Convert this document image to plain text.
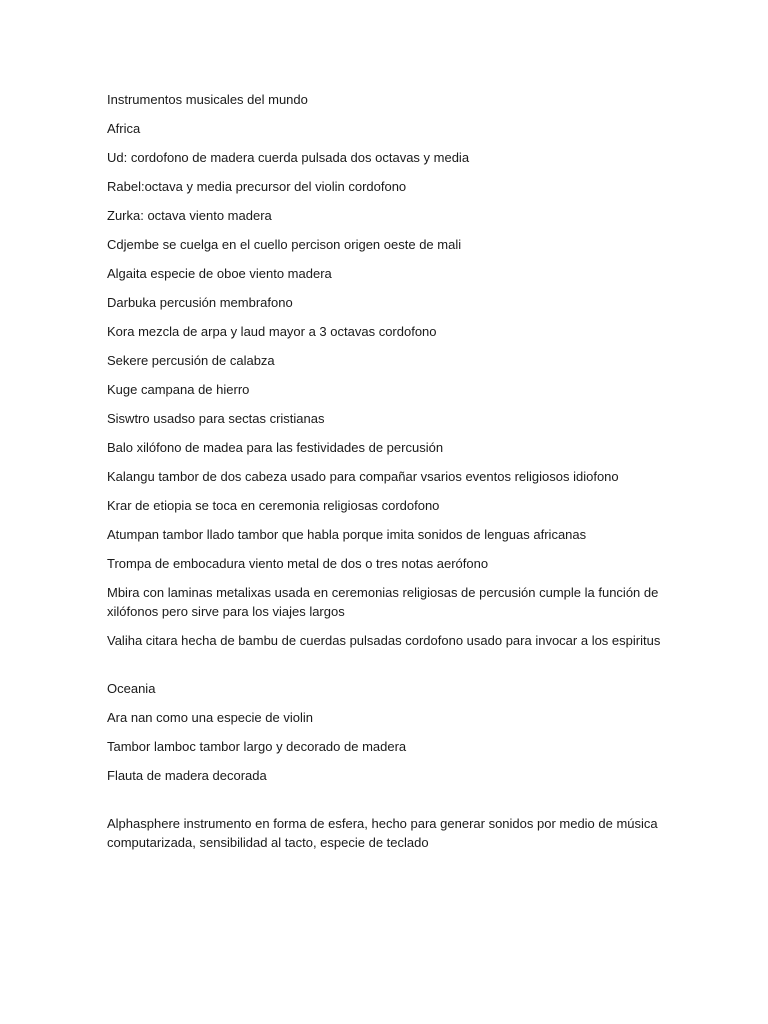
Instrumentos musicales del mundo

Africa

Ud: cordofono de madera cuerda pulsada dos octavas y media

Rabel:octava y media precursor del violin cordofono

Zurka: octava viento madera

Cdjembe se cuelga en el cuello percison origen oeste de mali

Algaita especie de oboe viento madera

Darbuka percusión membrafono

Kora mezcla de arpa y laud mayor a 3 octavas cordofono

Sekere percusión de calabza

Kuge campana de hierro

Siswtro usadso para sectas cristianas

Balo xilófono de madea para las festividades de percusión

Kalangu tambor de dos cabeza usado para compañar vsarios eventos religiosos idiofono

Krar de etiopia se toca en ceremonia religiosas cordofono

Atumpan tambor llado tambor que habla porque imita sonidos de lenguas africanas

Trompa de embocadura viento metal de dos o tres notas aerófono

Mbira con laminas metalixas usada en ceremonias religiosas de percusión cumple la función de xilófonos pero sirve para los viajes largos

Valiha citara hecha de bambu de cuerdas pulsadas cordofono usado para invocar a los espiritus

Oceania

Ara nan como una especie de violin

Tambor lamboc tambor largo y decorado de madera

Flauta de madera decorada

Alphasphere instrumento en forma de esfera, hecho para generar sonidos por medio de música computarizada, sensibilidad al tacto, especie de teclado
